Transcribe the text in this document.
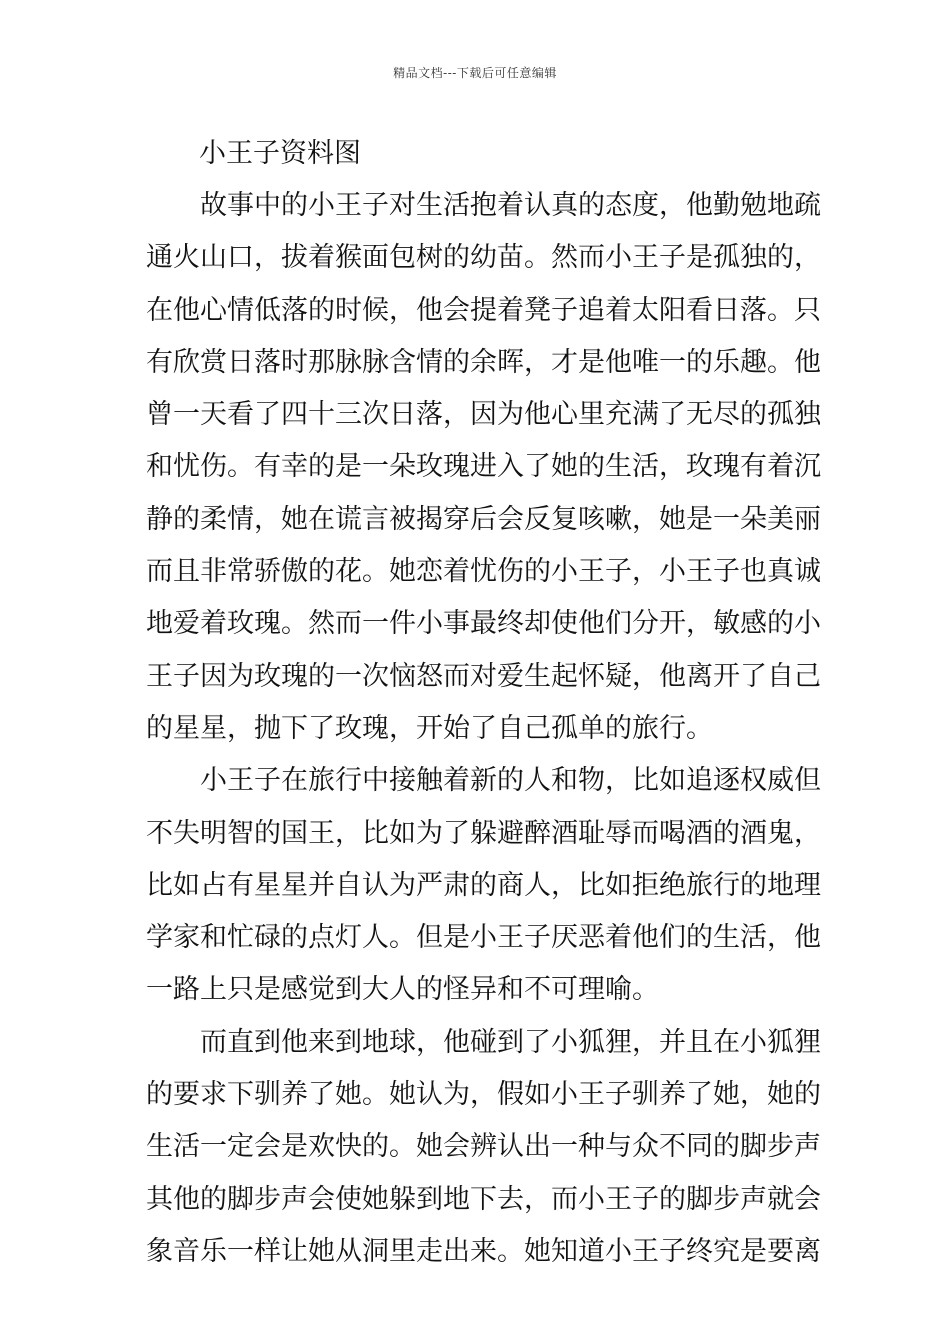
精品文档---下载后可任意编辑
小王子资料图
故事中的小王子对生活抱着认真的态度，他勤勉地疏
通火山口，拔着猴面包树的幼苗。然而小王子是孤独的，
在他心情低落的时候，他会提着凳子追着太阳看日落。只
有欣赏日落时那脉脉含情的余晖，才是他唯一的乐趣。他
曾一天看了四十三次日落，因为他心里充满了无尽的孤独
和忧伤。有幸的是一朵玫瑰进入了她的生活，玫瑰有着沉
静的柔情，她在谎言被揭穿后会反复咳嗽，她是一朵美丽
而且非常骄傲的花。她恋着忧伤的小王子，小王子也真诚
地爱着玫瑰。然而一件小事最终却使他们分开，敏感的小
王子因为玫瑰的一次恼怒而对爱生起怀疑，他离开了自己
的星星，抛下了玫瑰，开始了自己孤单的旅行。
小王子在旅行中接触着新的人和物，比如追逐权威但
不失明智的国王，比如为了躲避醉酒耻辱而喝酒的酒鬼，
比如占有星星并自认为严肃的商人，比如拒绝旅行的地理
学家和忙碌的点灯人。但是小王子厌恶着他们的生活，他
一路上只是感觉到大人的怪异和不可理喻。
而直到他来到地球，他碰到了小狐狸，并且在小狐狸
的要求下驯养了她。她认为，假如小王子驯养了她，她的
生活一定会是欢快的。她会辨认出一种与众不同的脚步声
其他的脚步声会使她躲到地下去，而小王子的脚步声就会
象音乐一样让她从洞里走出来。她知道小王子终究是要离
